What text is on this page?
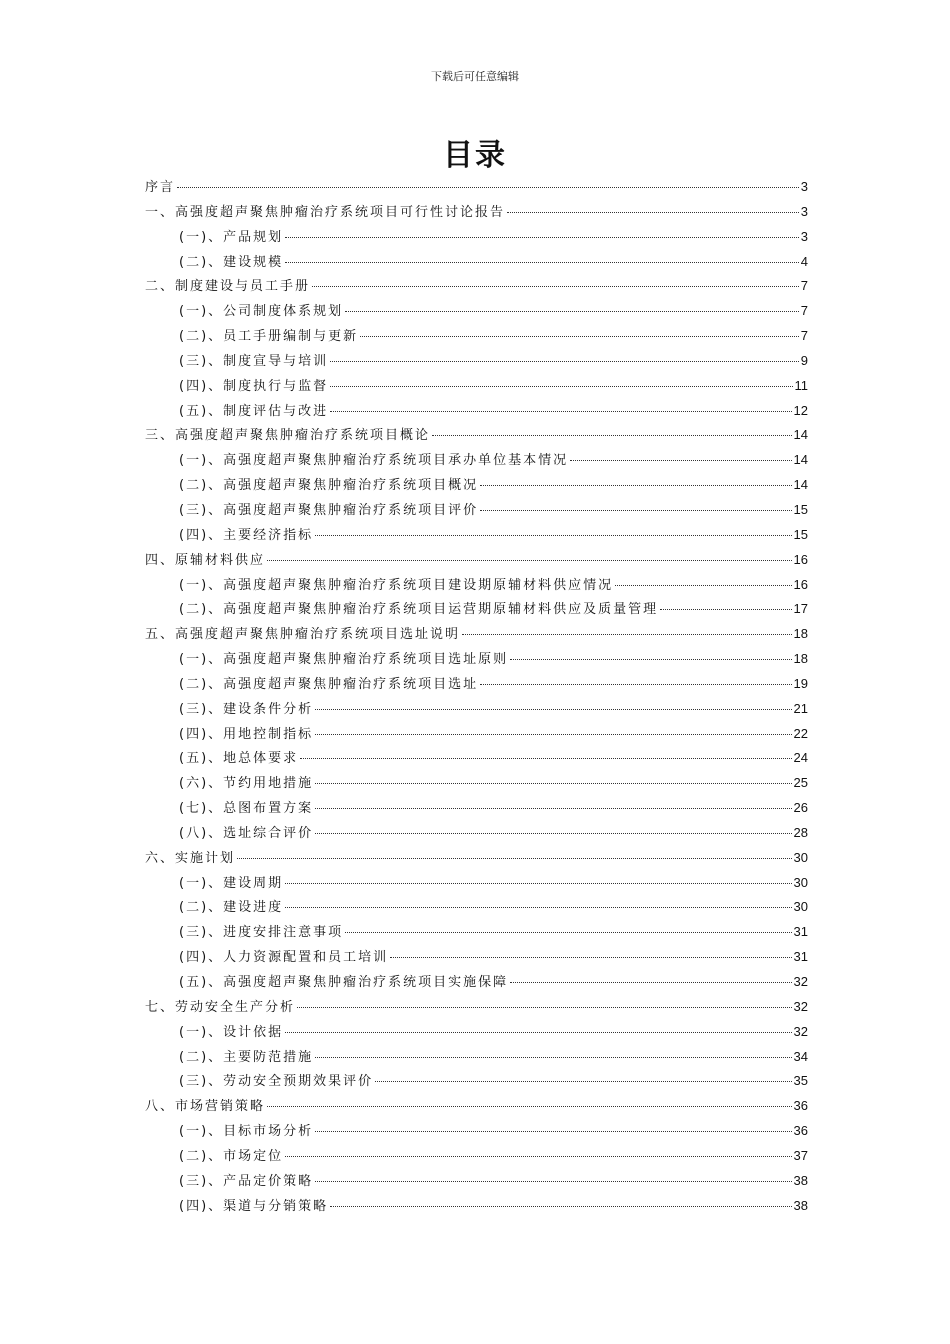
下载后可任意编辑
目录
序言	3
一、高强度超声聚焦肿瘤治疗系统项目可行性讨论报告	3
(一)、产品规划	3
(二)、建设规模	4
二、制度建设与员工手册	7
(一)、公司制度体系规划	7
(二)、员工手册编制与更新	7
(三)、制度宣导与培训	9
(四)、制度执行与监督	11
(五)、制度评估与改进	12
三、高强度超声聚焦肿瘤治疗系统项目概论	14
(一)、高强度超声聚焦肿瘤治疗系统项目承办单位基本情况	14
(二)、高强度超声聚焦肿瘤治疗系统项目概况	14
(三)、高强度超声聚焦肿瘤治疗系统项目评价	15
(四)、主要经济指标	15
四、原辅材料供应	16
(一)、高强度超声聚焦肿瘤治疗系统项目建设期原辅材料供应情况	16
(二)、高强度超声聚焦肿瘤治疗系统项目运营期原辅材料供应及质量管理	17
五、高强度超声聚焦肿瘤治疗系统项目选址说明	18
(一)、高强度超声聚焦肿瘤治疗系统项目选址原则	18
(二)、高强度超声聚焦肿瘤治疗系统项目选址	19
(三)、建设条件分析	21
(四)、用地控制指标	22
(五)、地总体要求	24
(六)、节约用地措施	25
(七)、总图布置方案	26
(八)、选址综合评价	28
六、实施计划	30
(一)、建设周期	30
(二)、建设进度	30
(三)、进度安排注意事项	31
(四)、人力资源配置和员工培训	31
(五)、高强度超声聚焦肿瘤治疗系统项目实施保障	32
七、劳动安全生产分析	32
(一)、设计依据	32
(二)、主要防范措施	34
(三)、劳动安全预期效果评价	35
八、市场营销策略	36
(一)、目标市场分析	36
(二)、市场定位	37
(三)、产品定价策略	38
(四)、渠道与分销策略	38
